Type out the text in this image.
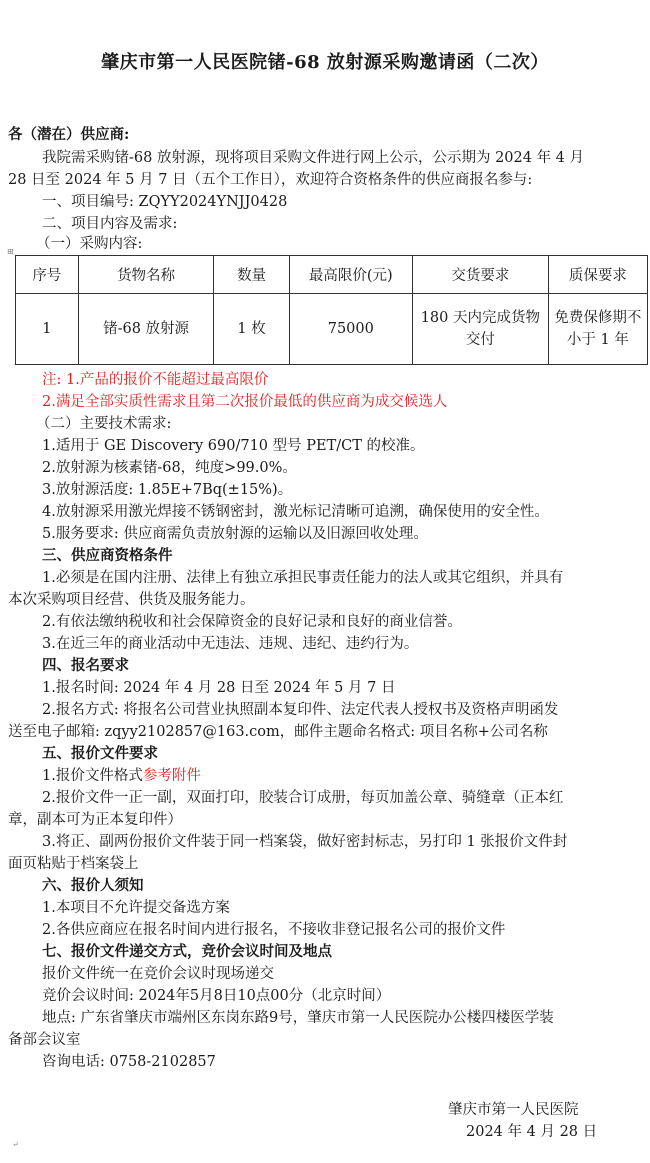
肇庆市第一人民医院锗-68 放射源采购邀请函（二次）
各（潜在）供应商:
我院需采购锗-68 放射源，现将项目采购文件进行网上公示，公示期为 2024 年 4 月
28 日至 2024 年 5 月 7 日（五个工作日），欢迎符合资格条件的供应商报名参与:
一、项目编号: ZQYY2024YNJJ0428
二、项目内容及需求:
（一）采购内容:
⊞
序号	货物名称	数量	最高限价(元)	交货要求	质保要求
1	锗-68 放射源	1 枚	75000	180 天内完成货物交付	免费保修期不小于 1 年
注: 1.产品的报价不能超过最高限价
2.满足全部实质性需求且第二次报价最低的供应商为成交候选人
（二）主要技术需求:
1.适用于 GE Discovery 690/710 型号 PET/CT 的校准。
2.放射源为核素锗-68，纯度>99.0%。
3.放射源活度: 1.85E+7Bq(±15%)。
4.放射源采用激光焊接不锈钢密封，激光标记清晰可追溯，确保使用的安全性。
5.服务要求: 供应商需负责放射源的运输以及旧源回收处理。
三、供应商资格条件
1.必须是在国内注册、法律上有独立承担民事责任能力的法人或其它组织，并具有
本次采购项目经营、供货及服务能力。
2.有依法缴纳税收和社会保障资金的良好记录和良好的商业信誉。
3.在近三年的商业活动中无违法、违规、违纪、违约行为。
四、报名要求
1.报名时间: 2024 年 4 月 28 日至 2024 年 5 月 7 日
2.报名方式: 将报名公司营业执照副本复印件、法定代表人授权书及资格声明函发
送至电子邮箱: zqyy2102857@163.com，邮件主题命名格式: 项目名称+公司名称
五、报价文件要求
1.报价文件格式参考附件
2.报价文件一正一副，双面打印，胶装合订成册，每页加盖公章、骑缝章（正本红
章，副本可为正本复印件）
3.将正、副两份报价文件装于同一档案袋，做好密封标志，另打印 1 张报价文件封
面页粘贴于档案袋上
六、报价人须知
1.本项目不允许提交备选方案
2.各供应商应在报名时间内进行报名，不接收非登记报名公司的报价文件
七、报价文件递交方式，竞价会议时间及地点
报价文件统一在竞价会议时现场递交
竞价会议时间: 2024年5月8日10点00分（北京时间）
地点: 广东省肇庆市端州区东岗东路9号，肇庆市第一人民医院办公楼四楼医学装
备部会议室
咨询电话: 0758-2102857
肇庆市第一人民医院
2024 年 4 月 28 日
↵
